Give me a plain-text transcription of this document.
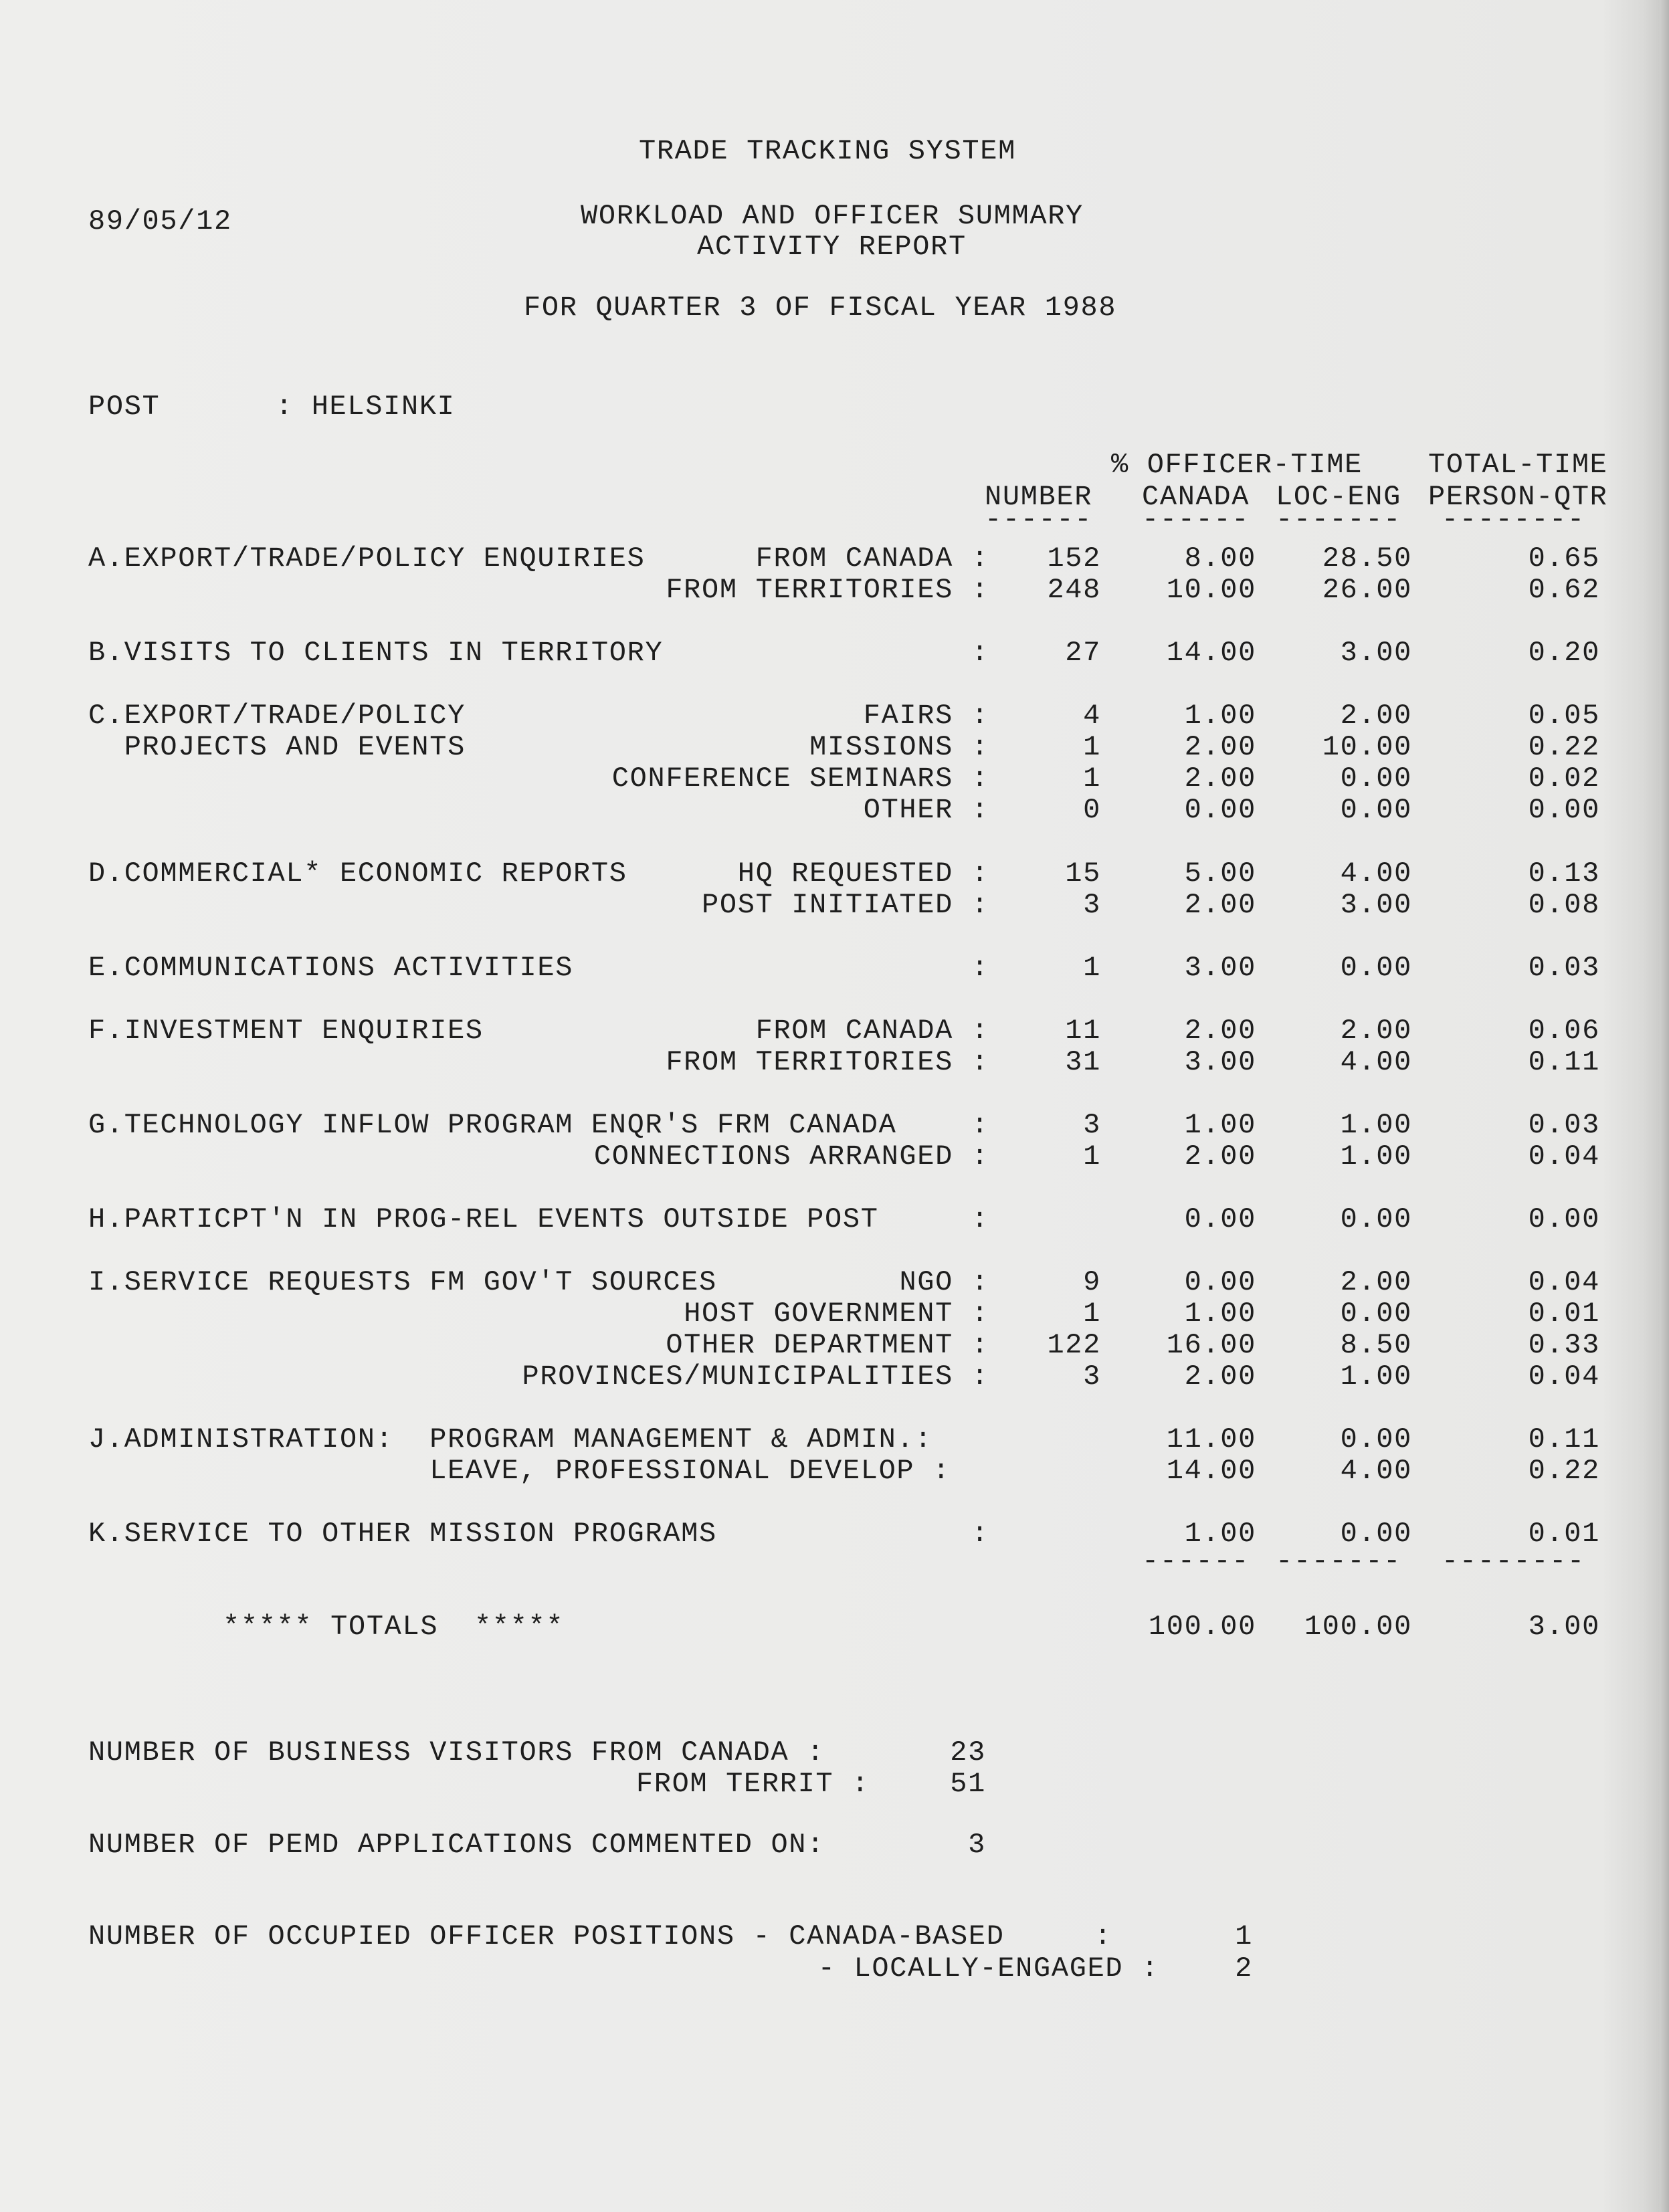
TRADE TRACKING SYSTEM
89/05/12	WORKLOAD AND OFFICER SUMMARY
ACTIVITY REPORT
FOR QUARTER 3 OF FISCAL YEAR 1988
POST	: HELSINKI
% OFFICER-TIME TOTAL-TIME
NUMBER CANADA LOC-ENG PERSON-QTR
------ ------ ------- --------
A.EXPORT/TRADE/POLICY ENQUIRIES	FROM CANADA : 152	8.00 28.50	0.65
FROM TERRITORIES : 248 10.00 26.00	0.62
B.VISITS TO CLIENTS IN TERRITORY	:	27 14.00	3.00	0.20
C.EXPORT/TRADE/POLICY	FAIRS :	4	1.00	2.00	0.05
PROJECTS AND EVENTS	MISSIONS :	1	2.00 10.00	0.22
CONFERENCE SEMINARS :	1	2.00	0.00	0.02
OTHER :	0	0.00	0.00	0.00
D.COMMERCIAL* ECONOMIC REPORTS	HQ REQUESTED :	15	5.00	4.00	0.13
POST INITIATED :	3	2.00	3.00	0.08
E.COMMUNICATIONS ACTIVITIES	:	1	3.00	0.00	0.03
F.INVESTMENT ENQUIRIES	FROM CANADA :	11	2.00	2.00	0.06
FROM TERRITORIES :	31	3.00	4.00	0.11
G.TECHNOLOGY INFLOW PROGRAM ENQR'S FRM CANADA	:	3	1.00	1.00	0.03
CONNECTIONS ARRANGED :	1	2.00	1.00	0.04
H.PARTICPT'N IN PROG-REL EVENTS OUTSIDE POST	:	0.00	0.00	0.00
I.SERVICE REQUESTS FM GOV'T SOURCES	NGO :	9	0.00	2.00	0.04
HOST GOVERNMENT :	1	1.00	0.00	0.01
OTHER DEPARTMENT : 122 16.00	8.50	0.33
PROVINCES/MUNICIPALITIES :	3	2.00	1.00	0.04
J.ADMINISTRATION:  PROGRAM MANAGEMENT & ADMIN.:	11.00	0.00	0.11
LEAVE, PROFESSIONAL DEVELOP :	14.00	4.00	0.22
K.SERVICE TO OTHER MISSION PROGRAMS	:	1.00	0.00	0.01
------ ------- --------
***** TOTALS  *****	100.00 100.00	3.00
NUMBER OF BUSINESS VISITORS FROM CANADA :	23
FROM TERRIT :	51
NUMBER OF PEMD APPLICATIONS COMMENTED ON:	3
NUMBER OF OCCUPIED OFFICER POSITIONS - CANADA-BASED     :	1
- LOCALLY-ENGAGED :	2
